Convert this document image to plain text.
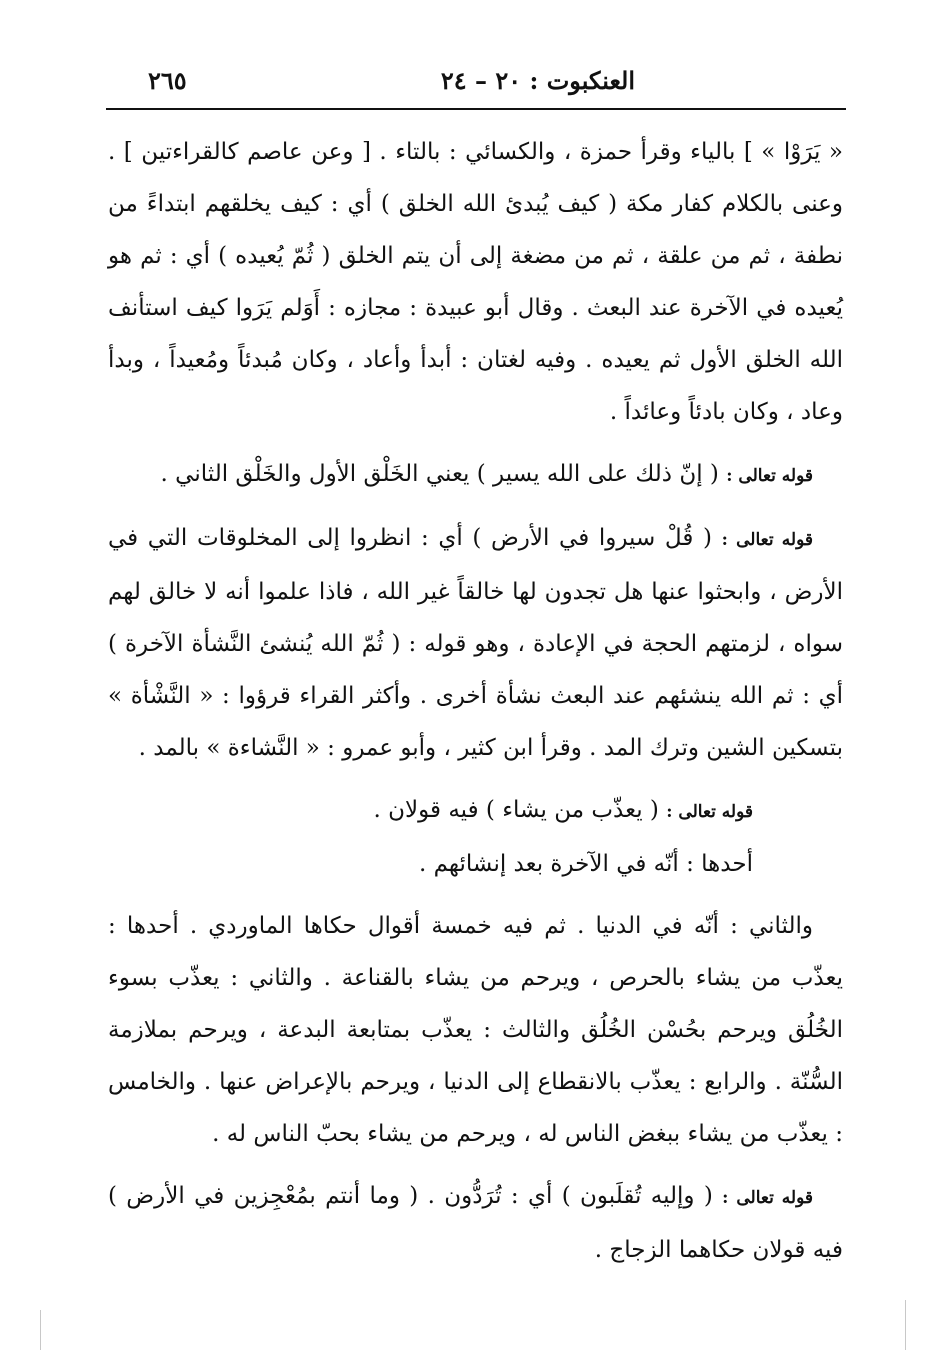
العنكبوت : ٢٠ – ٢٤
٢٦٥

« يَرَوْا » ] بالياء وقرأ حمزة ، والكسائي : بالتاء . [ وعن عاصم كالقراءتين ] . وعنى بالكلام كفار مكة ( كيف يُبدئ الله الخلق ) أي : كيف يخلقهم ابتداءً من نطفة ، ثم من علقة ، ثم من مضغة إلى أن يتم الخلق ( ثُمّ يُعيده ) أي : ثم هو يُعيده في الآخرة عند البعث . وقال أبو عبيدة : مجازه : أَوَلم يَرَوا كيف استأنف الله الخلق الأول ثم يعيده . وفيه لغتان : أبدأ وأعاد ، وكان مُبدئاً ومُعيداً ، وبدأ وعاد ، وكان بادئاً وعائداً .

قوله تعالى : ( إنّ ذلك على الله يسير ) يعني الخَلْق الأول والخَلْق الثاني .

قوله تعالى : ( قُلْ سيروا في الأرض ) أي : انظروا إلى المخلوقات التي في الأرض ، وابحثوا عنها هل تجدون لها خالقاً غير الله ، فاذا علموا أنه لا خالق لهم سواه ، لزمتهم الحجة في الإعادة ، وهو قوله : ( ثُمّ الله يُنشئ النَّشأة الآخرة ) أي : ثم الله ينشئهم عند البعث نشأة أخرى . وأكثر القراء قرؤوا : « النَّشْأة » بتسكين الشين وترك المد . وقرأ ابن كثير ، وأبو عمرو : « النَّشاءة » بالمد .

قوله تعالى : ( يعذّب من يشاء ) فيه قولان .

أحدها : أنّه في الآخرة بعد إنشائهم .

والثاني : أنّه في الدنيا . ثم فيه خمسة أقوال حكاها الماوردي . أحدها : يعذّب من يشاء بالحرص ، ويرحم من يشاء بالقناعة . والثاني : يعذّب بسوء الخُلُق ويرحم بحُسْن الخُلُق والثالث : يعذّب بمتابعة البدعة ، ويرحم بملازمة السُّنّة . والرابع : يعذّب بالانقطاع إلى الدنيا ، ويرحم بالإعراض عنها . والخامس : يعذّب من يشاء ببغض الناس له ، ويرحم من يشاء بحبّ الناس له .

قوله تعالى : ( وإليه تُقلَبون ) أي : تُرَدُّون . ( وما أنتم بمُعْجِزين في الأرض ) فيه قولان حكاهما الزجاج .
